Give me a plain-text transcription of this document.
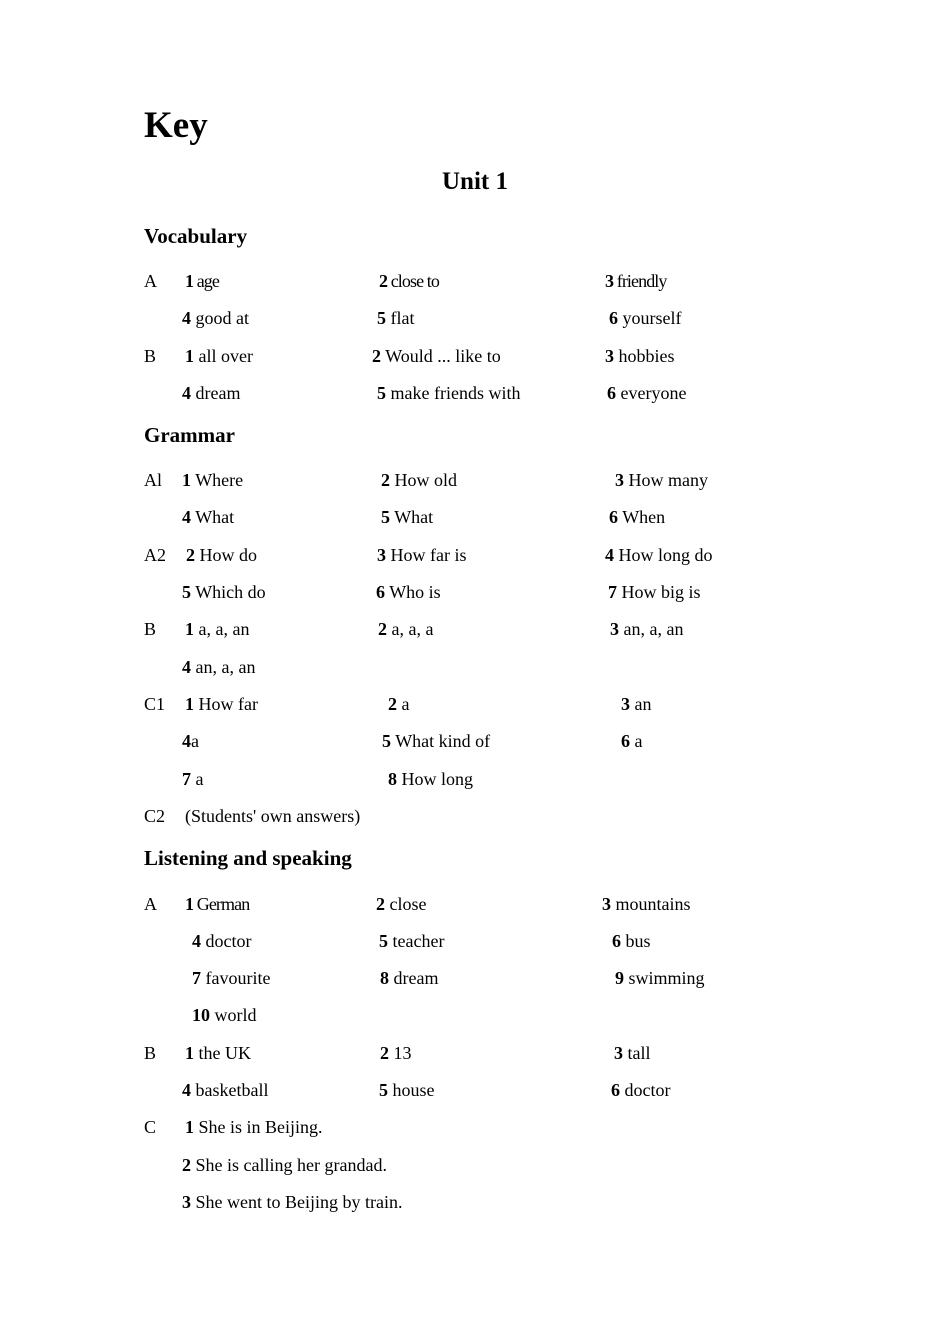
Key
Unit 1
Vocabulary
A 1 age	2 close to	3 friendly
4 good at	5 flat	6 yourself
B 1 all over	2 Would ... like to	3 hobbies
4 dream	5 make friends with	6 everyone
Grammar
Al 1 Where	2 How old	3 How many
4 What	5 What	6 When
A2 2 How do	3 How far is	4 How long do
5 Which do	6 Who is	7 How big is
B 1 a, a, an	2 a, a, a	3 an, a, an
4 an, a, an
C1 1 How far	2 a	3 an
4a	5 What kind of	6 a
7 a	8 How long
C2 (Students' own answers)
Listening and speaking
A 1 German	2 close	3 mountains
4 doctor	5 teacher	6 bus
7 favourite	8 dream	9 swimming
10 world
B 1 the UK	2 13	3 tall
4 basketball	5 house	6 doctor
C 1 She is in Beijing.
2 She is calling her grandad.
3 She went to Beijing by train.
